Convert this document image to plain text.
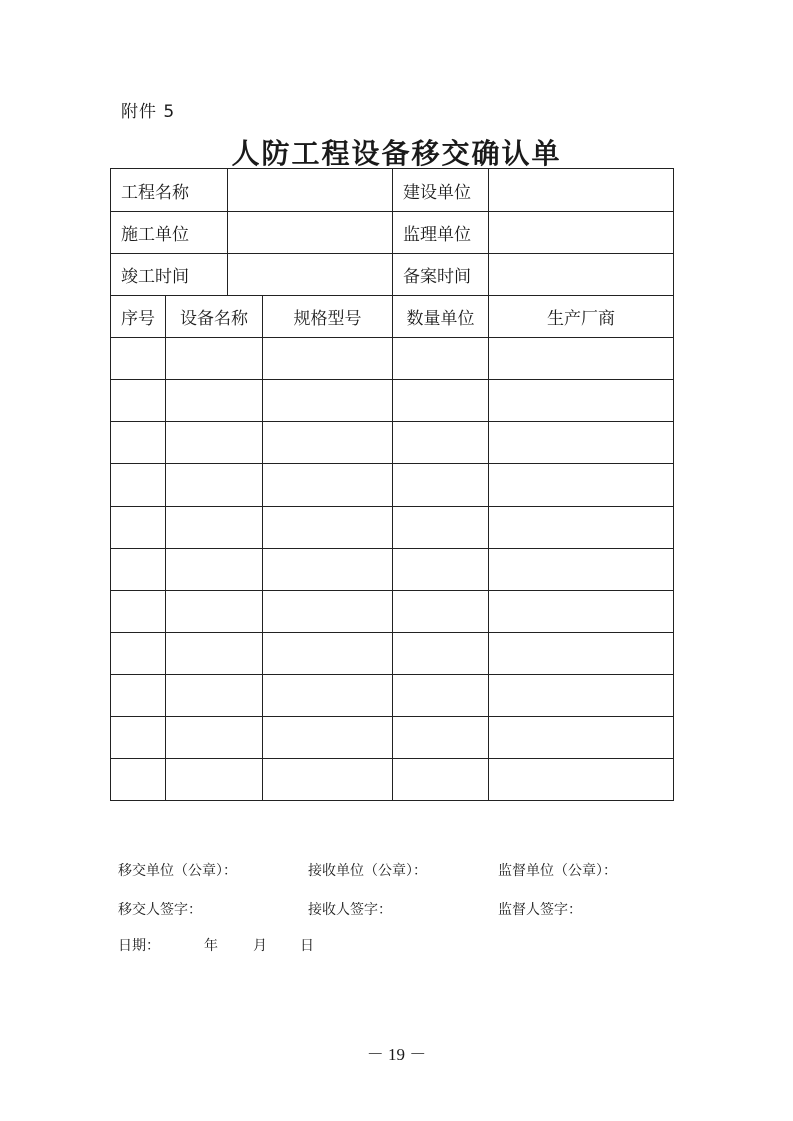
附件 5
人防工程设备移交确认单
工程名称				建设单位	
施工单位				监理单位	
竣工时间				备案时间	
序号	设备名称		规格型号	数量单位	生产厂商

移交单位（公章）：	接收单位（公章）：	监督单位（公章）：
移交人签字：	接收人签字：	监督人签字：
日期：	年	月 日
－ 19 －
